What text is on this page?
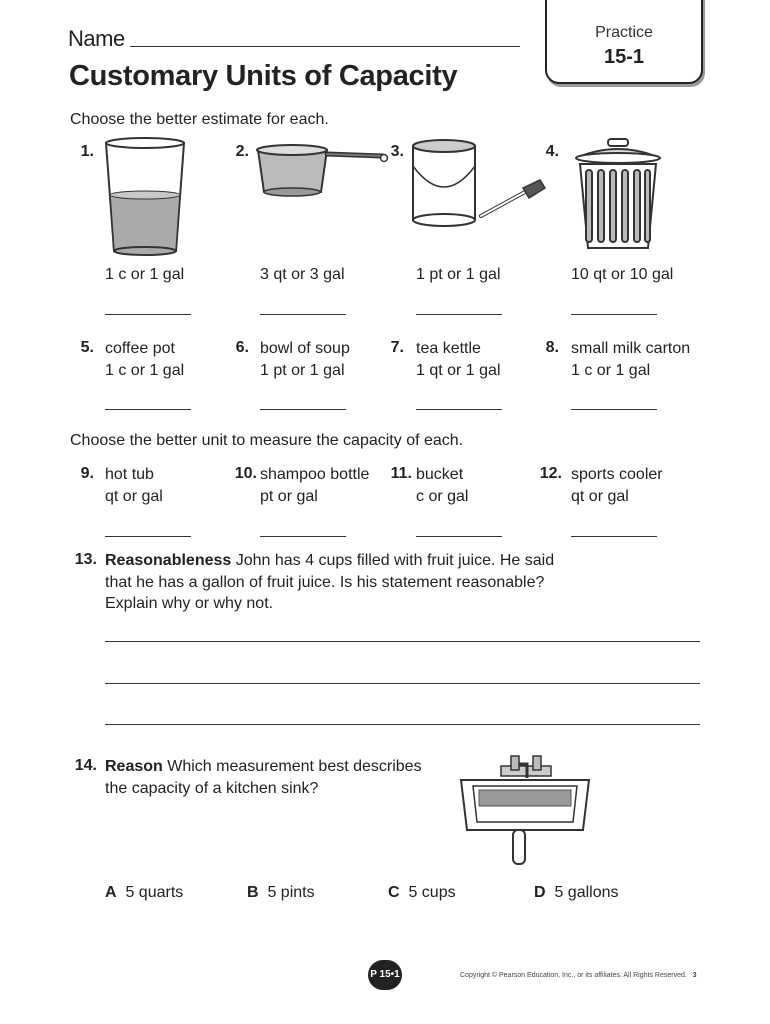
Name
Customary Units of Capacity
Practice
15-1
Choose the better estimate for each.
1.
1 c or 1 gal
2.
3 qt or 3 gal
3.
1 pt or 1 gal
4.
10 qt or 10 gal
5. coffee pot
1 c or 1 gal
6. bowl of soup
1 pt or 1 gal
7. tea kettle
1 qt or 1 gal
8. small milk carton
1 c or 1 gal
Choose the better unit to measure the capacity of each.
9. hot tub
qt or gal
10. shampoo bottle
pt or gal
11. bucket
c or gal
12. sports cooler
qt or gal
13. Reasonableness John has 4 cups filled with fruit juice. He said
that he has a gallon of fruit juice. Is his statement reasonable?
Explain why or why not.
14. Reason Which measurement best describes
the capacity of a kitchen sink?
A 5 quarts	B 5 pints	C 5 cups	D 5 gallons
P 15•1	Copyright © Pearson Education, Inc., or its affiliates. All Rights Reserved. 3
